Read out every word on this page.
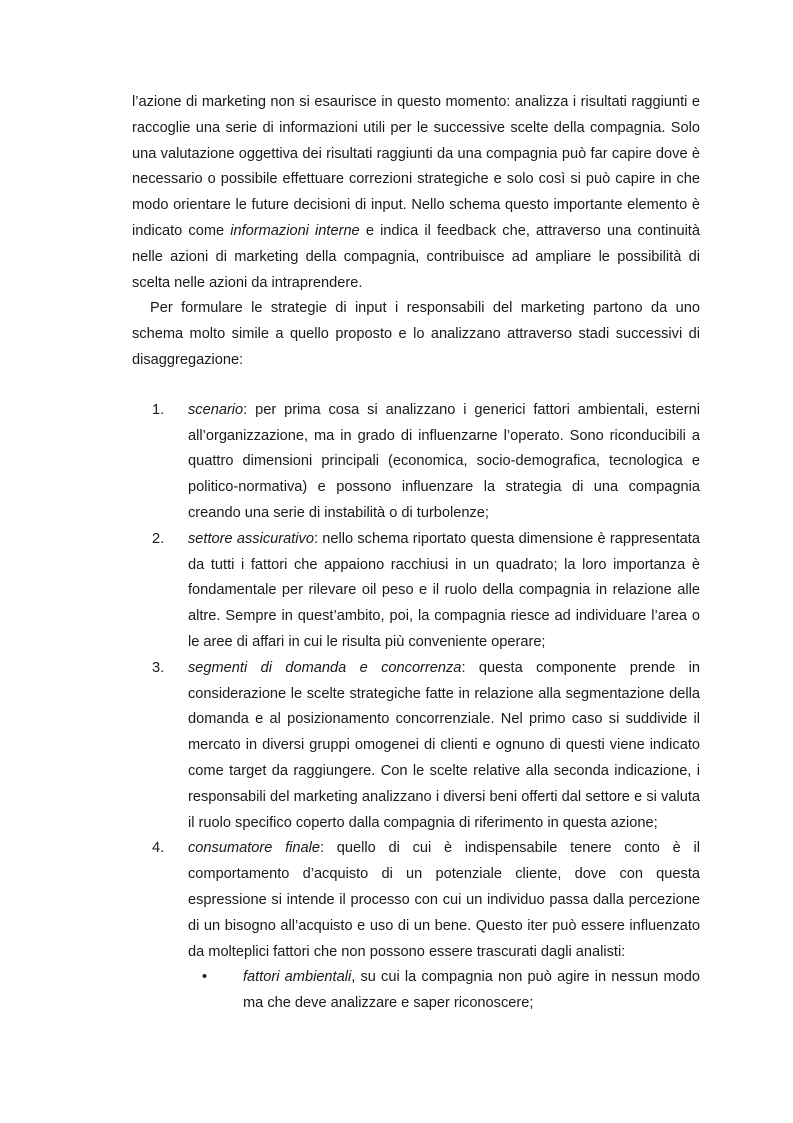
l’azione di marketing non si esaurisce in questo momento: analizza i risultati raggiunti e raccoglie una serie di informazioni utili per le successive scelte della compagnia. Solo una valutazione oggettiva dei risultati raggiunti da una compagnia può far capire dove è necessario o possibile effettuare correzioni strategiche e solo così si può capire in che modo orientare le future decisioni di input. Nello schema questo importante elemento è indicato come informazioni interne e indica il feedback che, attraverso una continuità nelle azioni di marketing della compagnia, contribuisce ad ampliare le possibilità di scelta nelle azioni da intraprendere.

Per formulare le strategie di input i responsabili del marketing partono da uno schema molto simile a quello proposto e lo analizzano attraverso stadi successivi di disaggregazione:

1. scenario: per prima cosa si analizzano i generici fattori ambientali, esterni all’organizzazione, ma in grado di influenzarne l’operato. Sono riconducibili a quattro dimensioni principali (economica, socio-demografica, tecnologica e politico-normativa) e possono influenzare la strategia di una compagnia creando una serie di instabilità o di turbolenze;
2. settore assicurativo: nello schema riportato questa dimensione è rappresentata da tutti i fattori che appaiono racchiusi in un quadrato; la loro importanza è fondamentale per rilevare oil peso e il ruolo della compagnia in relazione alle altre. Sempre in quest’ambito, poi, la compagnia riesce ad individuare l’area o le aree di affari in cui le risulta più conveniente operare;
3. segmenti di domanda e concorrenza: questa componente prende in considerazione le scelte strategiche fatte in relazione alla segmentazione della domanda e al posizionamento concorrenziale. Nel primo caso si suddivide il mercato in diversi gruppi omogenei di clienti e ognuno di questi viene indicato come target da raggiungere. Con le scelte relative alla seconda indicazione, i responsabili del marketing analizzano i diversi beni offerti dal settore e si valuta il ruolo specifico coperto dalla compagnia di riferimento in questa azione;
4. consumatore finale: quello di cui è indispensabile tenere conto è il comportamento d’acquisto di un potenziale cliente, dove con questa espressione si intende il processo con cui un individuo passa dalla percezione di un bisogno all’acquisto e uso di un bene. Questo iter può essere influenzato da molteplici fattori che non possono essere trascurati dagli analisti:
• fattori ambientali, su cui la compagnia non può agire in nessun modo ma che deve analizzare e saper riconoscere;
